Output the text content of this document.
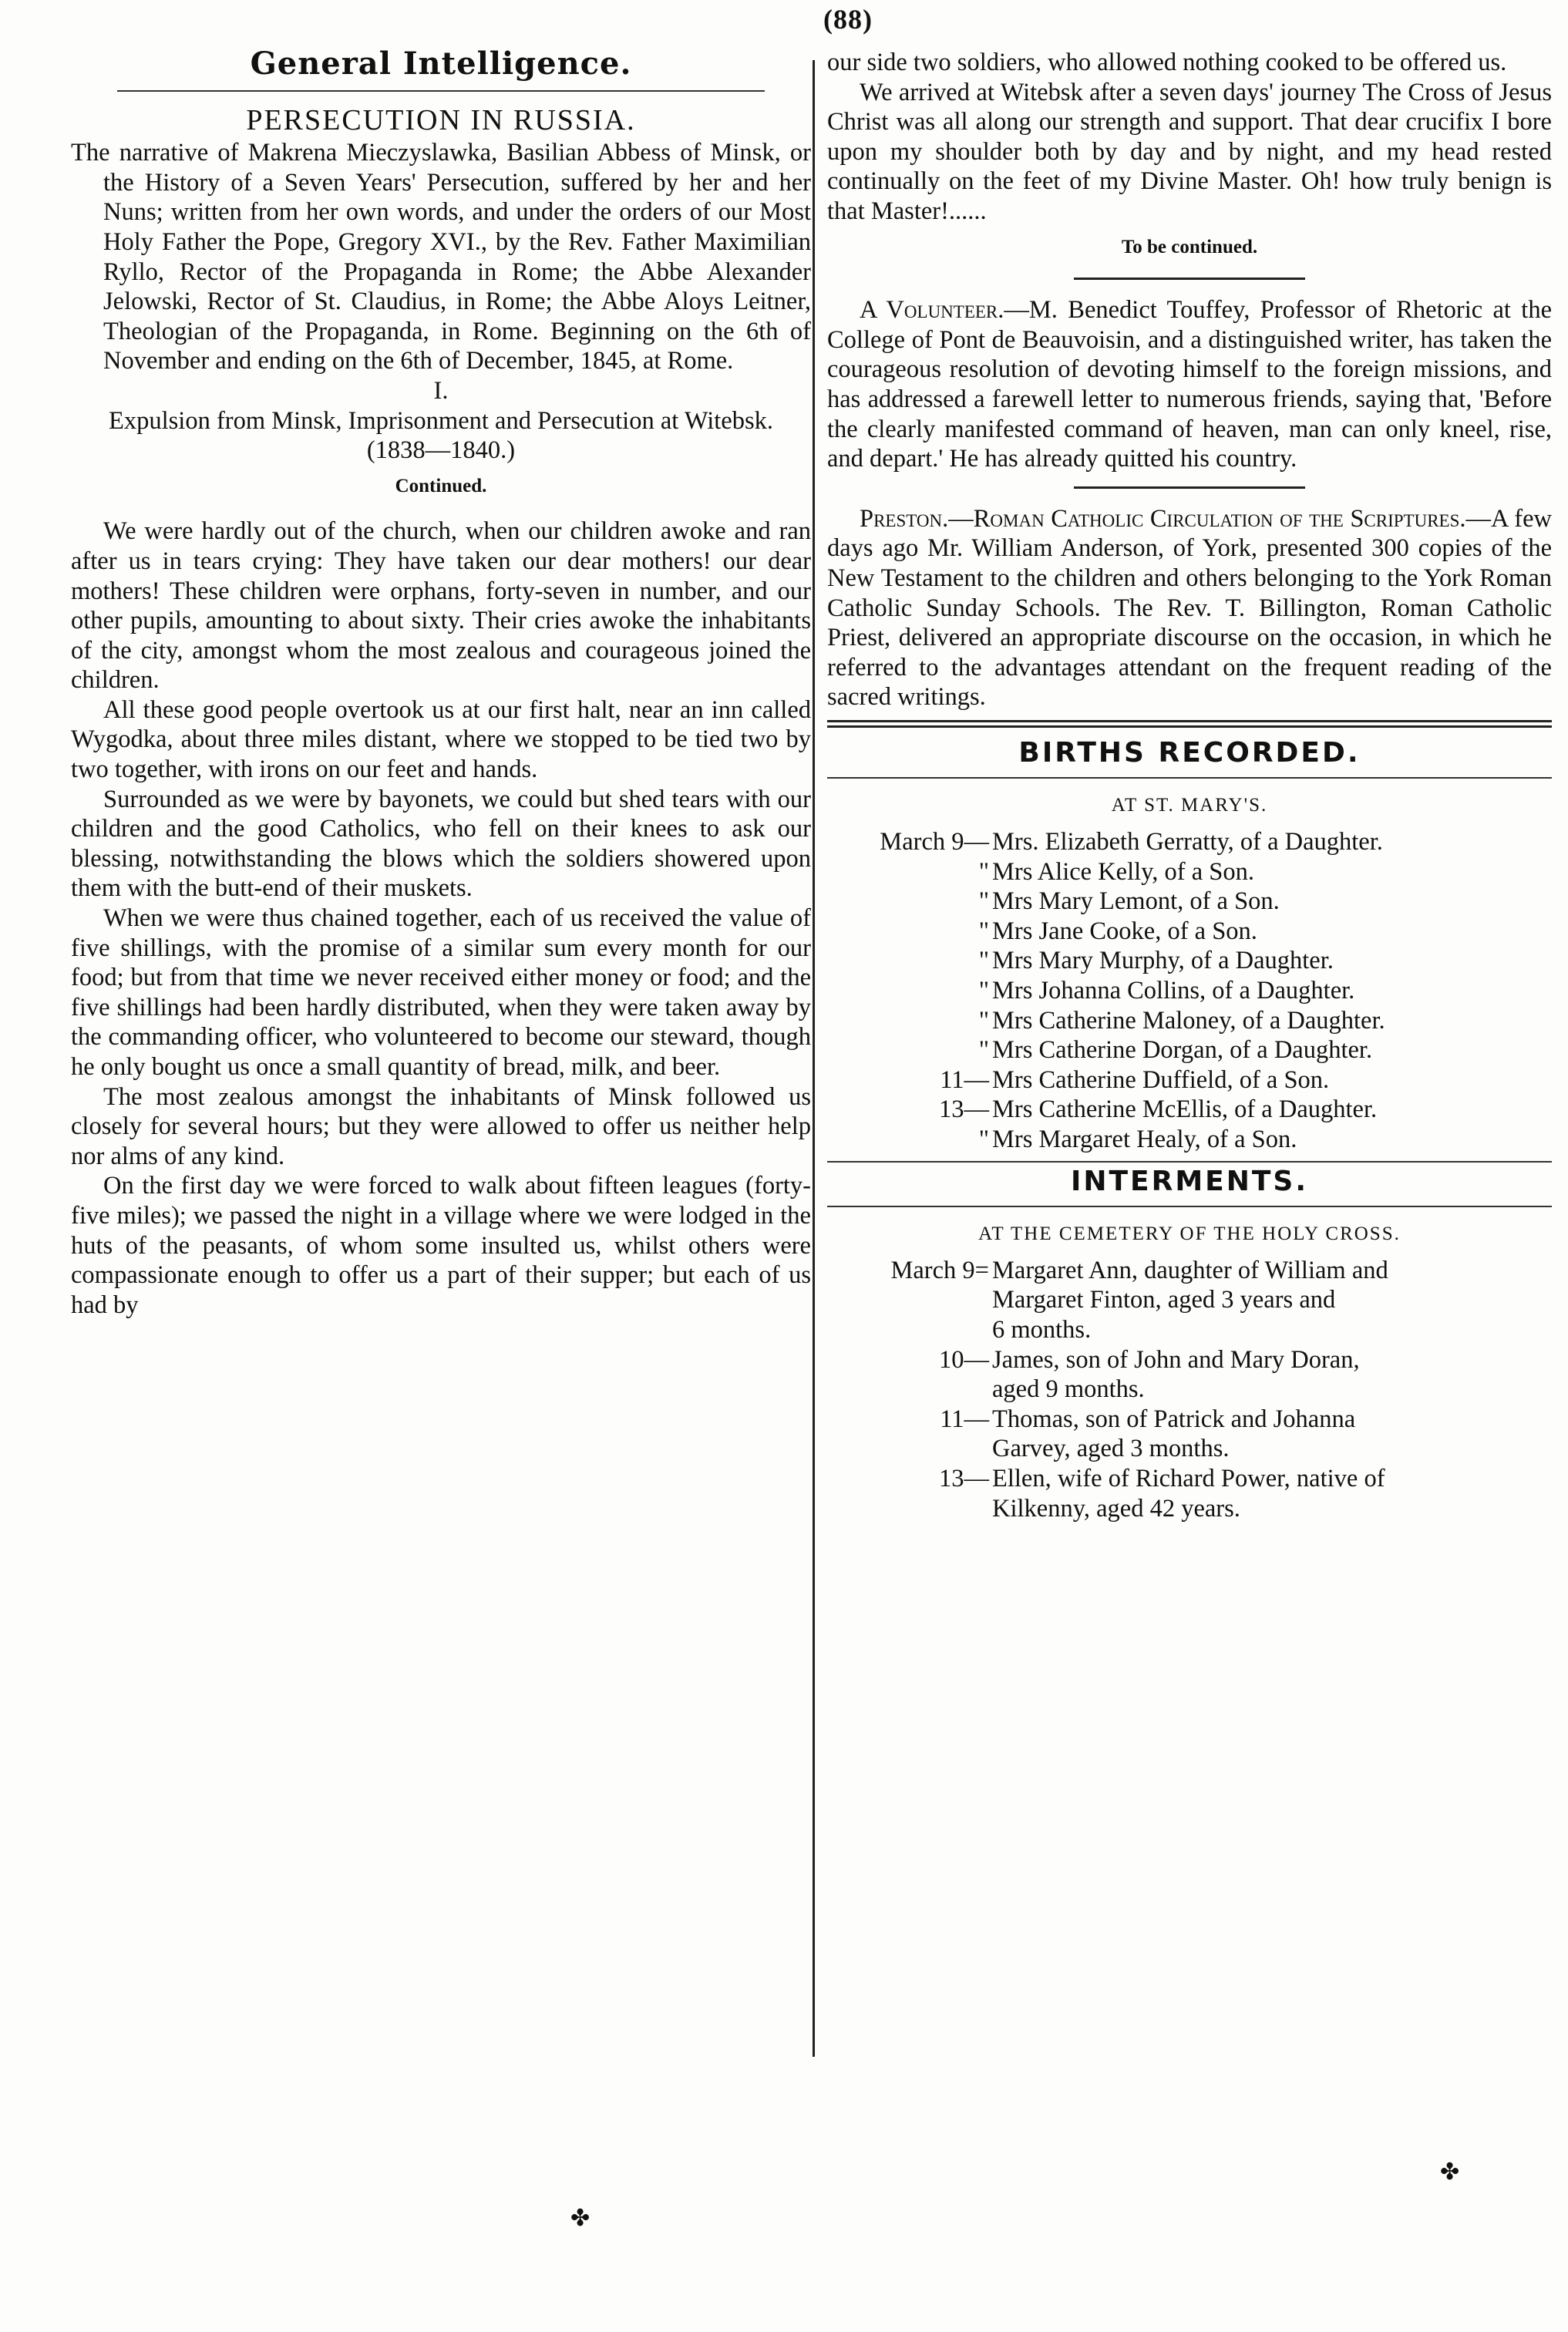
(88)
General Intelligence.
PERSECUTION IN RUSSIA.

The narrative of Makrena Mieczyslawka, Basilian Abbess of Minsk, or the History of a Seven Years' Persecution, suffered by her and her Nuns; written from her own words, and under the orders of our Most Holy Father the Pope, Gregory XVI., by the Rev. Father Maximilian Ryllo, Rector of the Propaganda in Rome; the Abbe Alexander Jelowski, Rector of St. Claudius, in Rome; the Abbe Aloys Leitner, Theologian of the Propaganda, in Rome. Beginning on the 6th of November and ending on the 6th of December, 1845, at Rome.

I.

Expulsion from Minsk, Imprisonment and Persecution at Witebsk.

(1838—1840.)

Continued.

We were hardly out of the church, when our children awoke and ran after us in tears crying: They have taken our dear mothers! our dear mothers! These children were orphans, forty-seven in number, and our other pupils, amounting to about sixty. Their cries awoke the inhabitants of the city, amongst whom the most zealous and courageous joined the children.

All these good people overtook us at our first halt, near an inn called Wygodka, about three miles distant, where we stopped to be tied two by two together, with irons on our feet and hands.

Surrounded as we were by bayonets, we could but shed tears with our children and the good Catholics, who fell on their knees to ask our blessing, notwithstanding the blows which the soldiers showered upon them with the butt-end of their muskets.

When we were thus chained together, each of us received the value of five shillings, with the promise of a similar sum every month for our food; but from that time we never received either money or food; and the five shillings had been hardly distributed, when they were taken away by the commanding officer, who volunteered to become our steward, though he only bought us once a small quantity of bread, milk, and beer.

The most zealous amongst the inhabitants of Minsk followed us closely for several hours; but they were allowed to offer us neither help nor alms of any kind.

On the first day we were forced to walk about fifteen leagues (forty-five miles); we passed the night in a village where we were lodged in the huts of the peasants, of whom some insulted us, whilst others were compassionate enough to offer us a part of their supper; but each of us had by

our side two soldiers, who allowed nothing cooked to be offered us.

We arrived at Witebsk after a seven days' journey The Cross of Jesus Christ was all along our strength and support. That dear crucifix I bore upon my shoulder both by day and by night, and my head rested continually on the feet of my Divine Master. Oh! how truly benign is that Master!......

To be continued.

A Volunteer.—M. Benedict Touffey, Professor of Rhetoric at the College of Pont de Beauvoisin, and a distinguished writer, has taken the courageous resolution of devoting himself to the foreign missions, and has addressed a farewell letter to numerous friends, saying that, 'Before the clearly manifested command of heaven, man can only kneel, rise, and depart.' He has already quitted his country.

Preston.—Roman Catholic Circulation of the Scriptures.—A few days ago Mr. William Anderson, of York, presented 300 copies of the New Testament to the children and others belonging to the York Roman Catholic Sunday Schools. The Rev. T. Billington, Roman Catholic Priest, delivered an appropriate discourse on the occasion, in which he referred to the advantages attendant on the frequent reading of the sacred writings.

BIRTHS RECORDED.
AT ST. MARY'S.
March 9— Mrs. Elizabeth Gerratty, of a Daughter.
" Mrs Alice Kelly, of a Son.
" Mrs Mary Lemont, of a Son.
" Mrs Jane Cooke, of a Son.
" Mrs Mary Murphy, of a Daughter.
" Mrs Johanna Collins, of a Daughter.
" Mrs Catherine Maloney, of a Daughter.
" Mrs Catherine Dorgan, of a Daughter.
11— Mrs Catherine Duffield, of a Son.
13— Mrs Catherine McEllis, of a Daughter.
" Mrs Margaret Healy, of a Son.
INTERMENTS.
AT THE CEMETERY OF THE HOLY CROSS.
March 9= Margaret Ann, daughter of William and
Margaret Finton, aged 3 years and
6 months.
10— James, son of John and Mary Doran,
aged 9 months.
11— Thomas, son of Patrick and Johanna
Garvey, aged 3 months.
13— Ellen, wife of Richard Power, native of
Kilkenny, aged 42 years.
✤
✤
